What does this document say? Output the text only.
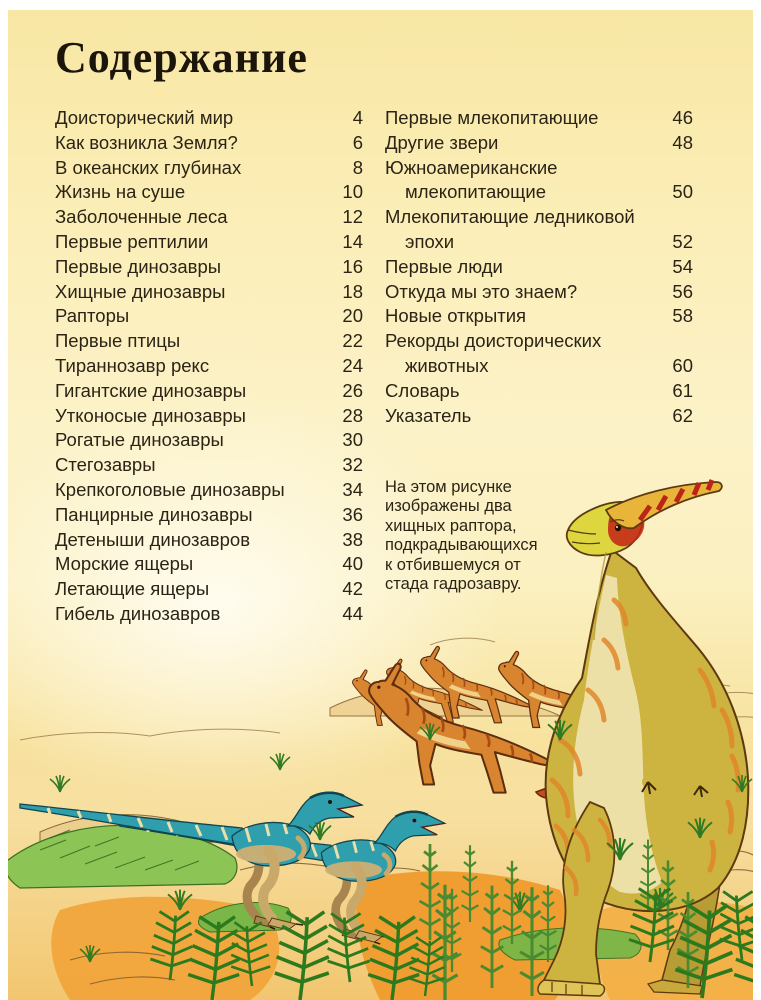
Содержание
Доисторический мир	4
Как возникла Земля?	6
В океанских глубинах	8
Жизнь на суше	10
Заболоченные леса	12
Первые рептилии	14
Первые динозавры	16
Хищные динозавры	18
Рапторы	20
Первые птицы	22
Тираннозавр рекс	24
Гигантские динозавры	26
Утконосые динозавры	28
Рогатые динозавры	30
Стегозавры	32
Крепкоголовые динозавры	34
Панцирные динозавры	36
Детеныши динозавров	38
Морские ящеры	40
Летающие ящеры	42
Гибель динозавров	44
Первые млекопитающие	46
Другие звери	48
Южноамериканские
млекопитающие	50
Млекопитающие ледниковой
эпохи	52
Первые люди	54
Откуда мы это знаем?	56
Новые открытия	58
Рекорды доисторических
животных	60
Словарь	61
Указатель	62
На этом рисунке
изображены два
хищных раптора,
подкрадывающихся
к отбившемуся от
стада гадрозавру.
